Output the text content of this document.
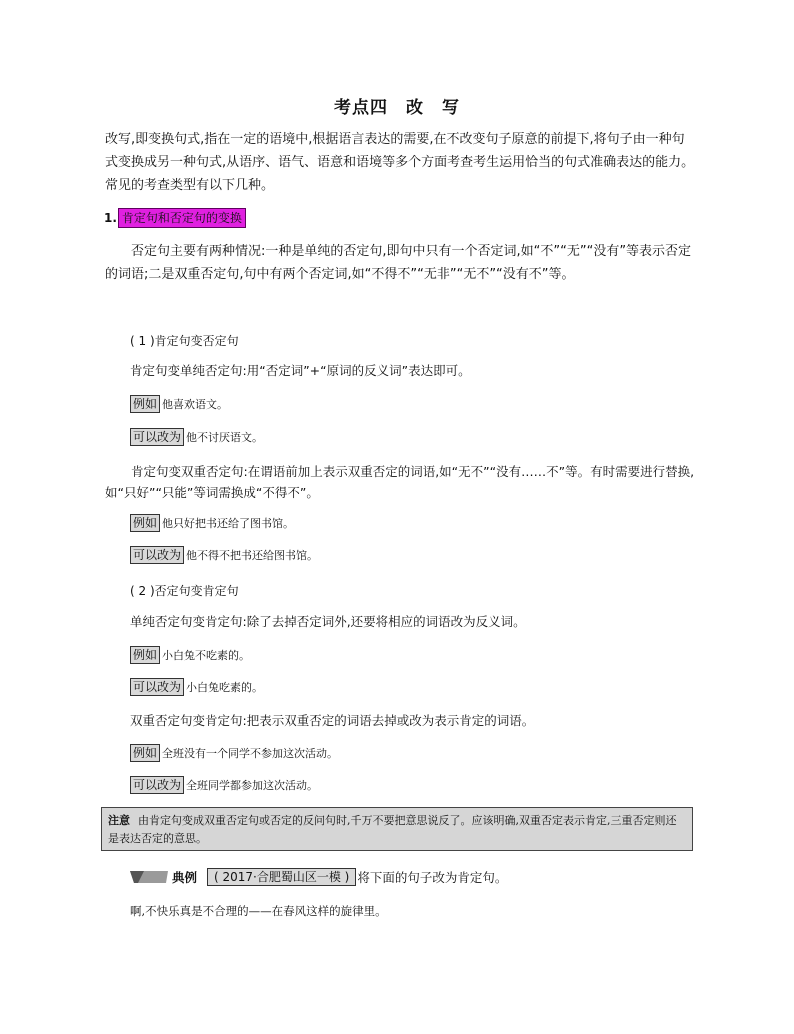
考点四　改　写
改写,即变换句式,指在一定的语境中,根据语言表达的需要,在不改变句子原意的前提下,将句子由一种句式变换成另一种句式,从语序、语气、语意和语境等多个方面考查考生运用恰当的句式准确表达的能力。常见的考查类型有以下几种。
1. 肯定句和否定句的变换
否定句主要有两种情况:一种是单纯的否定句,即句中只有一个否定词,如“不”“无”“没有”等表示否定的词语;二是双重否定句,句中有两个否定词,如“不得不”“无非”“无不”“没有不”等。
( 1 )肯定句变否定句
肯定句变单纯否定句:用“否定词”+“原词的反义词”表达即可。
例如 他喜欢语文。
可以改为 他不讨厌语文。
肯定句变双重否定句:在谓语前加上表示双重否定的词语,如“无不”“没有……不”等。有时需要进行替换,如“只好”“只能”等词需换成“不得不”。
例如 他只好把书还给了图书馆。
可以改为 他不得不把书还给图书馆。
( 2 )否定句变肯定句
单纯否定句变肯定句:除了去掉否定词外,还要将相应的词语改为反义词。
例如 小白兔不吃素的。
可以改为 小白兔吃素的。
双重否定句变肯定句:把表示双重否定的词语去掉或改为表示肯定的词语。
例如 全班没有一个同学不参加这次活动。
可以改为 全班同学都参加这次活动。
注意 由肯定句变成双重否定句或否定的反问句时,千万不要把意思说反了。应该明确,双重否定表示肯定,三重否定则还是表达否定的意思。
典例	( 2017·合肥蜀山区一模 ) 将下面的句子改为肯定句。
啊,不快乐真是不合理的——在春风这样的旋律里。
